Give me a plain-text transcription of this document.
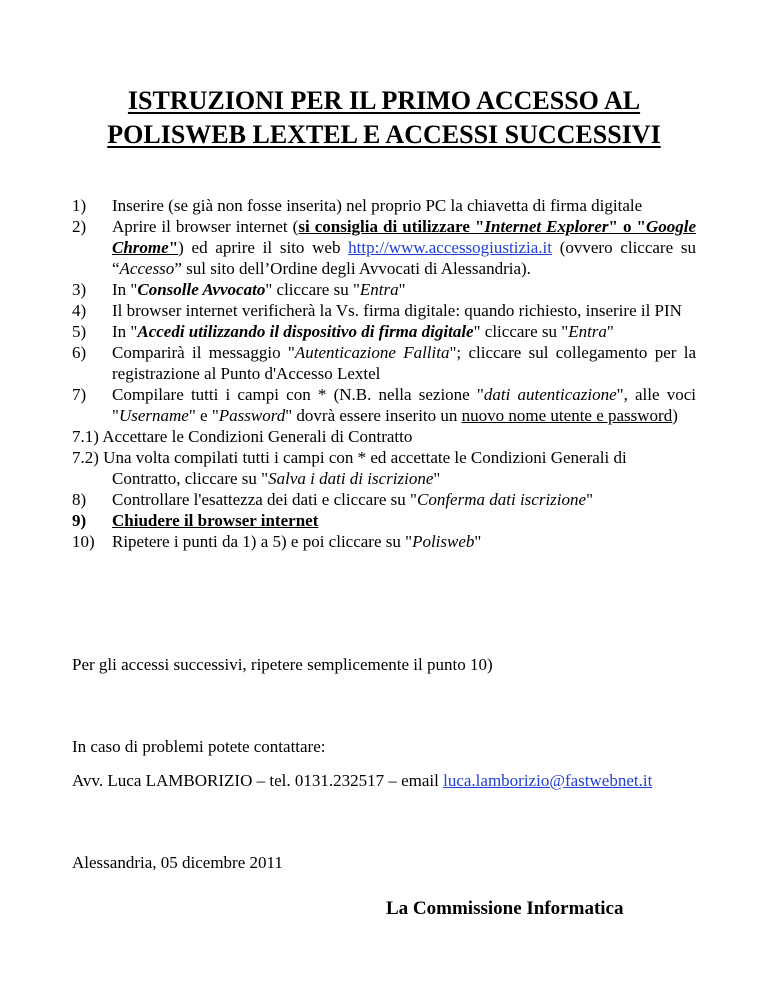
ISTRUZIONI PER IL PRIMO ACCESSO AL
POLISWEB LEXTEL E ACCESSI SUCCESSIVI
1) Inserire (se già non fosse inserita) nel proprio PC la chiavetta di firma digitale
2) Aprire il browser internet (si consiglia di utilizzare "Internet Explorer" o "Google Chrome") ed aprire il sito web http://www.accessogiustizia.it (ovvero cliccare su “Accesso” sul sito dell’Ordine degli Avvocati di Alessandria).
3) In "Consolle Avvocato" cliccare su "Entra"
4) Il browser internet verificherà la Vs. firma digitale: quando richiesto, inserire il PIN
5) In "Accedi utilizzando il dispositivo di firma digitale" cliccare su "Entra"
6) Comparirà il messaggio "Autenticazione Fallita"; cliccare sul collegamento per la registrazione al Punto d'Accesso Lextel
7) Compilare tutti i campi con * (N.B. nella sezione "dati autenticazione", alle voci "Username" e "Password" dovrà essere inserito un nuovo nome utente e password)
7.1) Accettare le Condizioni Generali di Contratto
7.2) Una volta compilati tutti i campi con * ed accettate le Condizioni Generali di
Contratto, cliccare su "Salva i dati di iscrizione"
8) Controllare l'esattezza dei dati e cliccare su "Conferma dati iscrizione"
9) Chiudere il browser internet
10) Ripetere i punti da 1) a 5) e poi cliccare su "Polisweb"
Per gli accessi successivi, ripetere semplicemente il punto 10)
In caso di problemi potete contattare:
Avv. Luca LAMBORIZIO – tel. 0131.232517 – email luca.lamborizio@fastwebnet.it
Alessandria, 05 dicembre 2011
La Commissione Informatica
